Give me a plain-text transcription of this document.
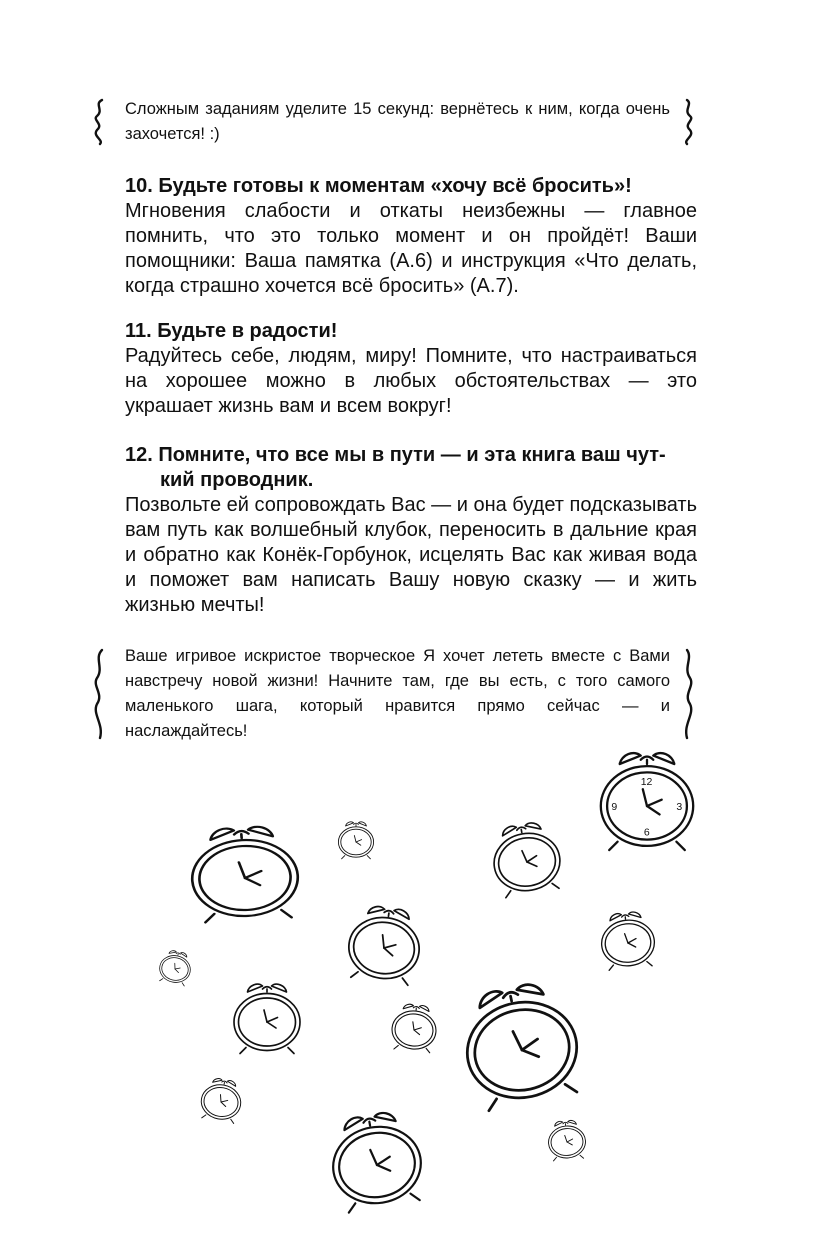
Сложным заданиям уделите 15 секунд: вернётесь к ним, когда очень захочется! :)
10. Будьте готовы к моментам «хочу всё бросить»!

Мгновения слабости и откаты неизбежны — главное помнить, что это только момент и он пройдёт! Ваши помощники: Ваша памятка (А.6) и инструкция «Что делать, когда страшно хочется всё бросить» (А.7).

11. Будьте в радости!

Радуйтесь себе, людям, миру! Помните, что настраиваться на хорошее можно в любых обстоятельствах — это украшает жизнь вам и всем вокруг!

12. Помните, что все мы в пути — и эта книга ваш чут-
кий проводник.

Позвольте ей сопровождать Вас — и она будет подсказывать вам путь как волшебный клубок, переносить в дальние края и обратно как Конёк-Горбунок, исцелять Вас как живая вода и поможет вам написать Вашу новую сказку — и жить жизнью мечты!

Ваше игривое искристое творческое Я хочет лететь вместе с Вами навстречу новой жизни! Начните там, где вы есть, с того самого маленького шага, который нравится прямо сейчас — и наслаждайтесь!
12
3
6
9
